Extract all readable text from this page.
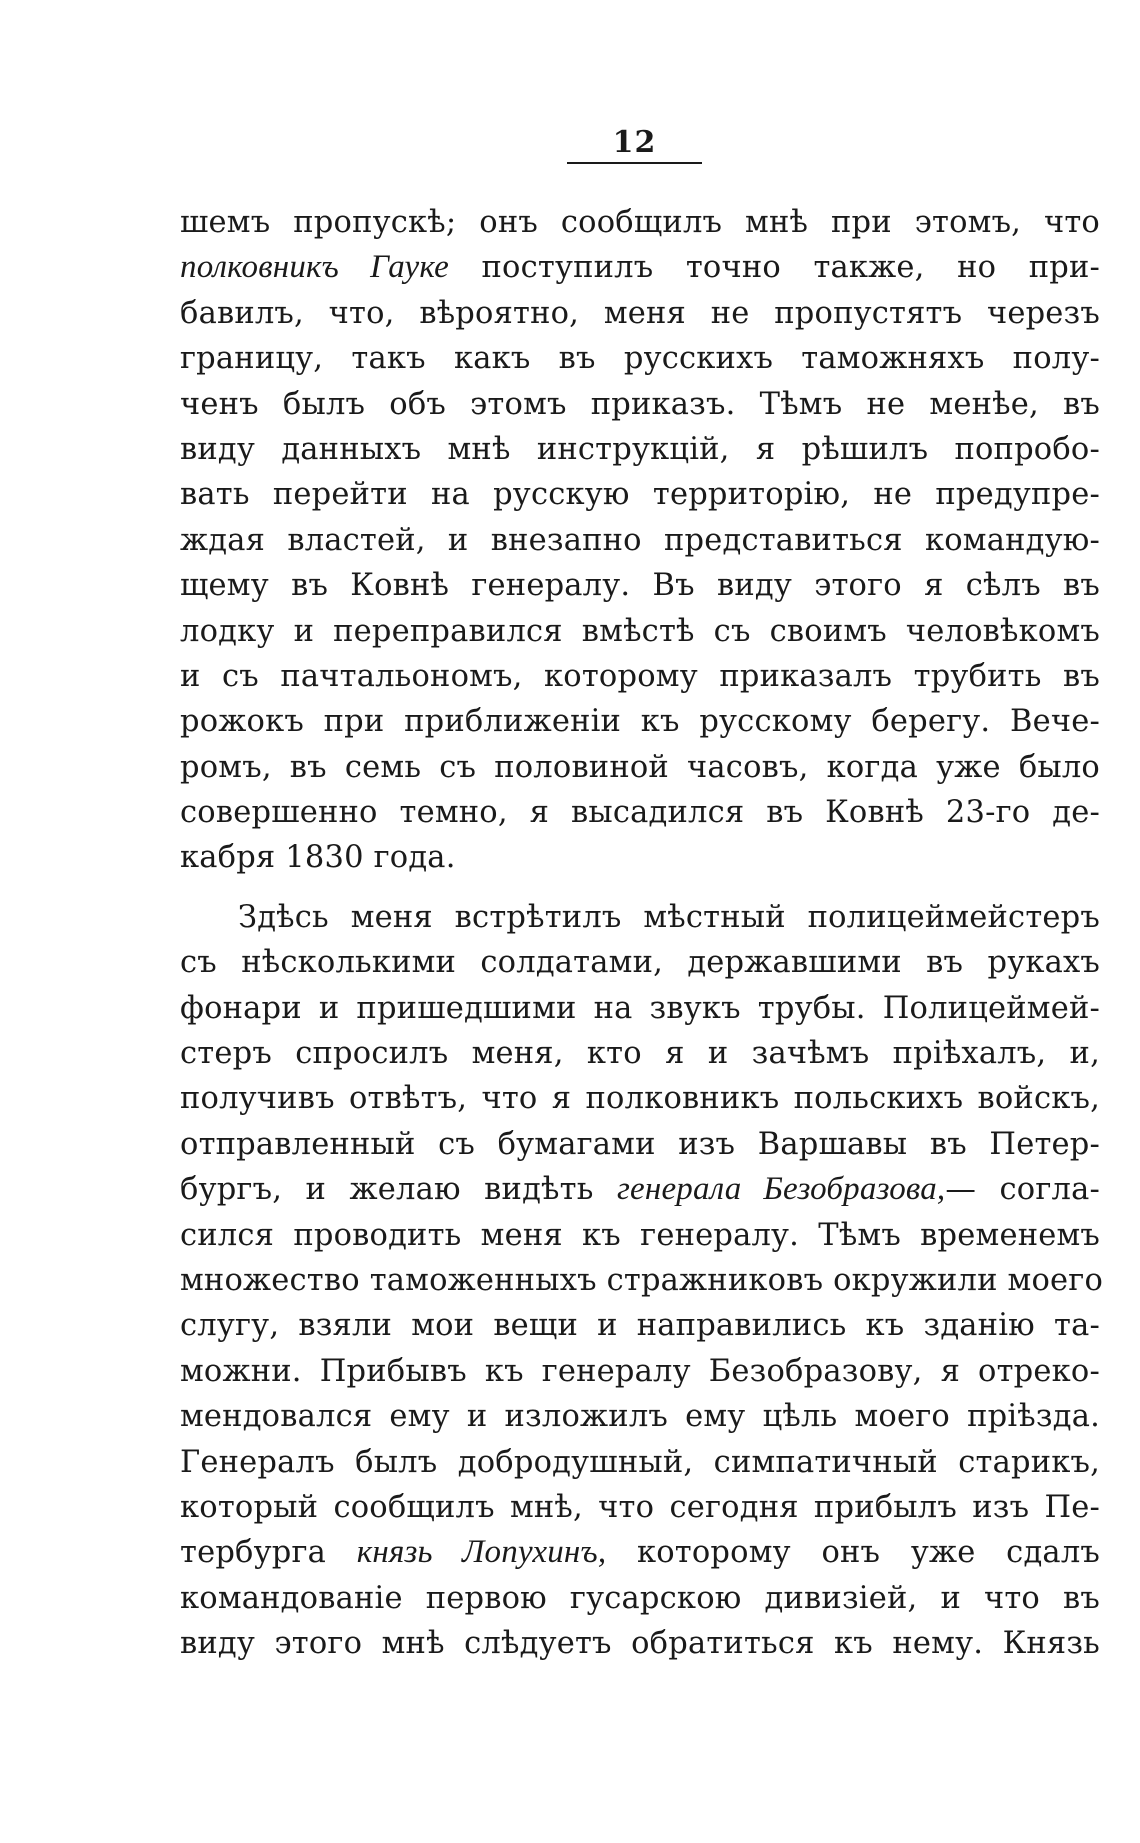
12
шемъ пропускѣ; онъ сообщилъ мнѣ при этомъ, что
полковникъ Гауке поступилъ точно также, но при-
бавилъ, что, вѣроятно, меня не пропустятъ черезъ
границу, такъ какъ въ русскихъ таможняхъ полу-
ченъ былъ объ этомъ приказъ. Тѣмъ не менѣе, въ
виду данныхъ мнѣ инструкцій, я рѣшилъ попробо-
вать перейти на русскую территорію, не предупре-
ждая властей, и внезапно представиться командую-
щему въ Ковнѣ генералу. Въ виду этого я сѣлъ въ
лодку и переправился вмѣстѣ съ своимъ человѣкомъ
и съ пачтальономъ, которому приказалъ трубить въ
рожокъ при приближеніи къ русскому берегу. Вече-
ромъ, въ семь съ половиной часовъ, когда уже было
совершенно темно, я высадился въ Ковнѣ 23-го де-
кабря 1830 года.
Здѣсь меня встрѣтилъ мѣстный полицеймейстеръ
съ нѣсколькими солдатами, державшими въ рукахъ
фонари и пришедшими на звукъ трубы. Полицеймей-
стеръ спросилъ меня, кто я и зачѣмъ пріѣхалъ, и,
получивъ отвѣтъ, что я полковникъ польскихъ войскъ,
отправленный съ бумагами изъ Варшавы въ Петер-
бургъ, и желаю видѣть генерала Безобразова,— согла-
сился проводить меня къ генералу. Тѣмъ временемъ
множество таможенныхъ стражниковъ окружили моего
слугу, взяли мои вещи и направились къ зданію та-
можни. Прибывъ къ генералу Безобразову, я отреко-
мендовался ему и изложилъ ему цѣль моего пріѣзда.
Генералъ былъ добродушный, симпатичный старикъ,
который сообщилъ мнѣ, что сегодня прибылъ изъ Пе-
тербурга князь Лопухинъ, которому онъ уже сдалъ
командованіе первою гусарскою дивизіей, и что въ
виду этого мнѣ слѣдуетъ обратиться къ нему. Князь
